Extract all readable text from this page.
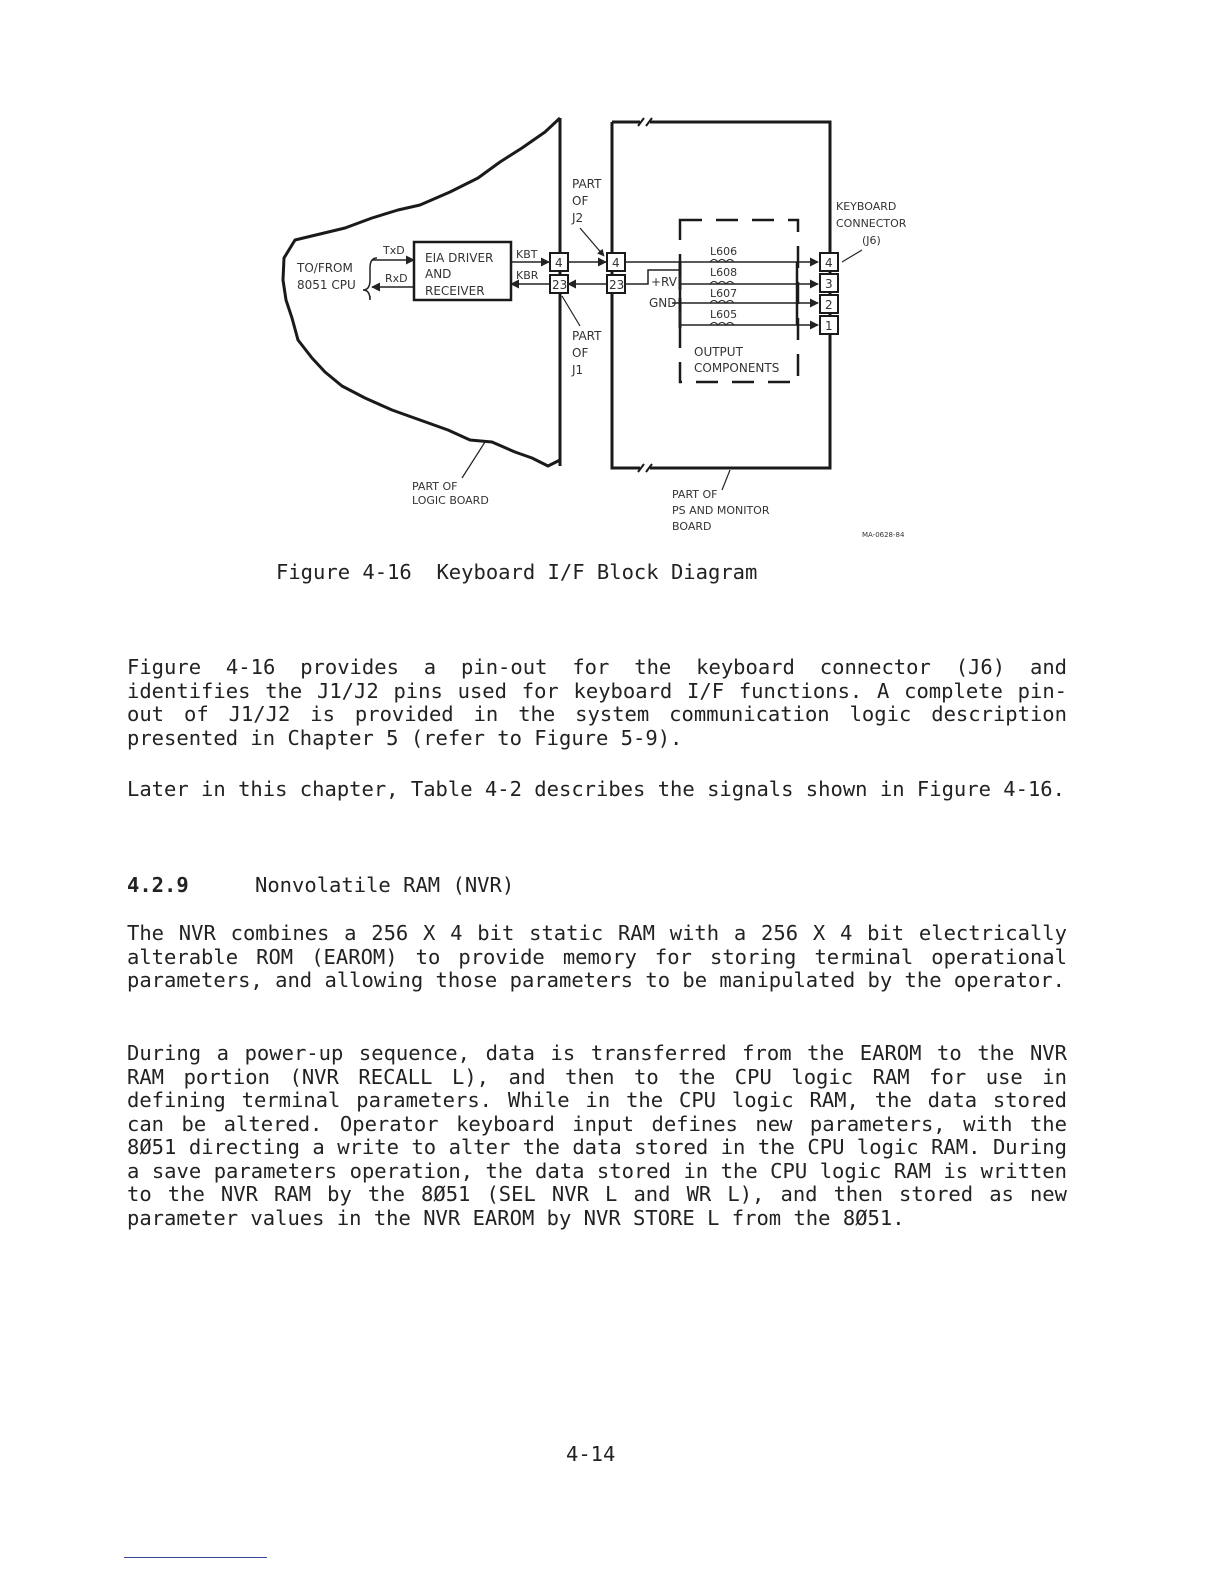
TO/FROM
8051 CPU
TxD
RxD
EIA DRIVER
AND
RECEIVER
KBT
KBR
4
23
4
23
PART
OF
J2
PART
OF
J1
+RV
GND
L606
L608
L607
L605
OUTPUT
COMPONENTS
4
3
2
1
KEYBOARD
CONNECTOR
(J6)
PART OF
LOGIC BOARD	PART OF
PS AND MONITOR
BOARD
MA-0628-84
Figure 4-16  Keyboard I/F Block Diagram
Figure 4-16 provides a pin-out for the keyboard connector (J6) and identifies the J1/J2 pins used for keyboard I/F functions. A complete pin-out of J1/J2 is provided in the system communication logic description presented in Chapter 5 (refer to Figure 5-9).
Later in this chapter, Table 4-2 describes the signals shown in Figure 4-16.
4.2.9	Nonvolatile RAM (NVR)
The NVR combines a 256 X 4 bit static RAM with a 256 X 4 bit electrically alterable ROM (EAROM) to provide memory for storing terminal operational parameters, and allowing those parameters to be manipulated by the operator.
During a power-up sequence, data is transferred from the EAROM to the NVR RAM portion (NVR RECALL L), and then to the CPU logic RAM for use in defining terminal parameters. While in the CPU logic RAM, the data stored can be altered. Operator keyboard input defines new parameters, with the 8Ø51 directing a write to alter the data stored in the CPU logic RAM. During a save parameters operation, the data stored in the CPU logic RAM is written to the NVR RAM by the 8Ø51 (SEL NVR L and WR L), and then stored as new parameter values in the NVR EAROM by NVR STORE L from the 8Ø51.
4-14
